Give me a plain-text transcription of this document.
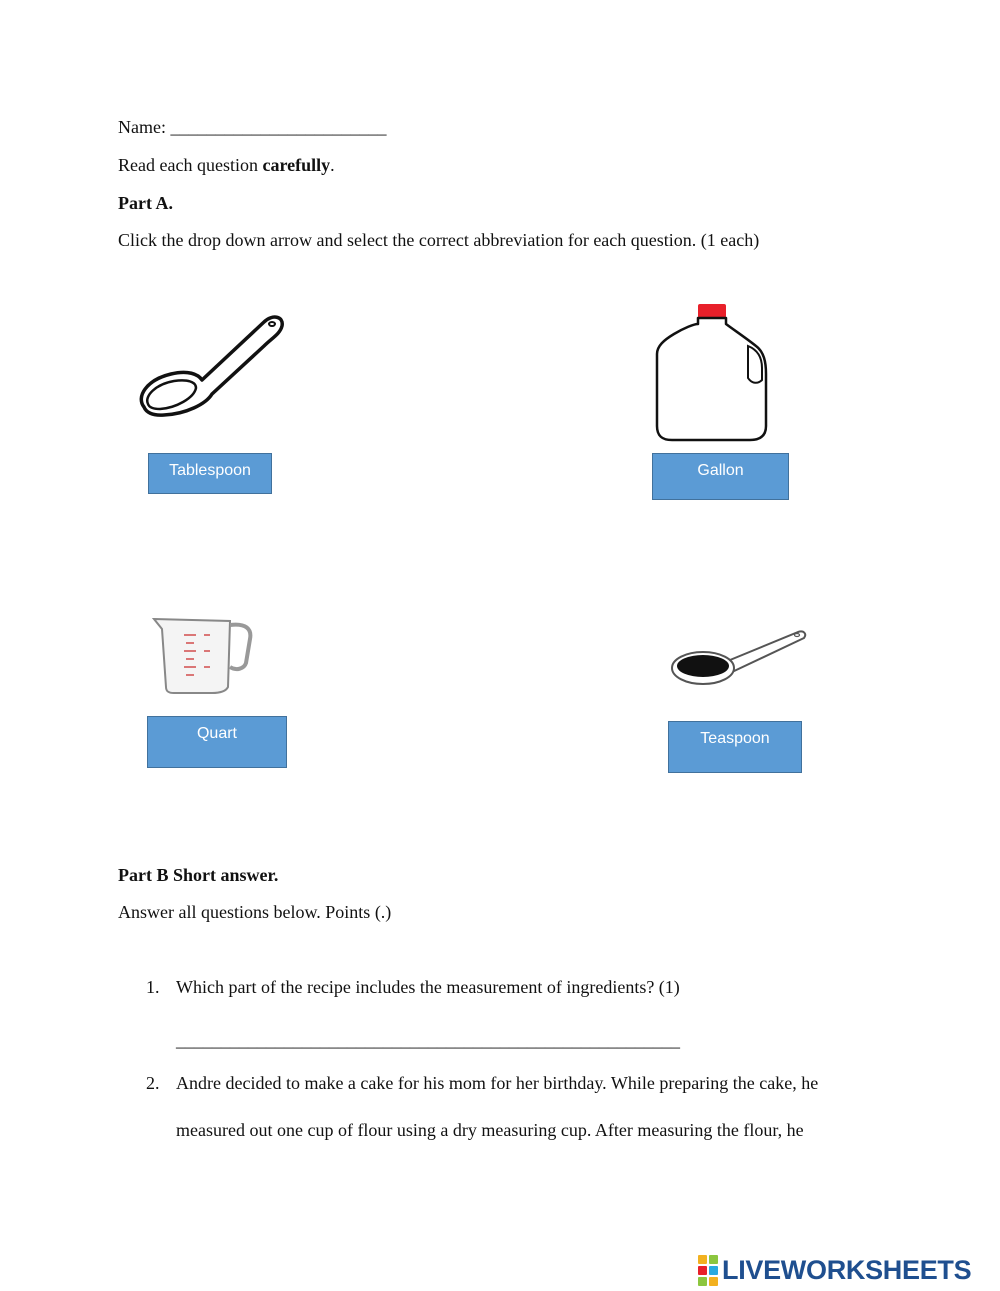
Name: ________________________
Read each question carefully.
Part A.
Click the drop down arrow and select the correct abbreviation for each question. (1 each)
Tablespoon	Gallon
Quart	Teaspoon
Part B Short answer.
Answer all questions below. Points (.)
1. Which part of the recipe includes the measurement of ingredients? (1)
________________________________________________________
2. Andre decided to make a cake for his mom for her birthday. While preparing the cake, he
measured out one cup of flour using a dry measuring cup. After measuring the flour, he
LIVEWORKSHEETS
